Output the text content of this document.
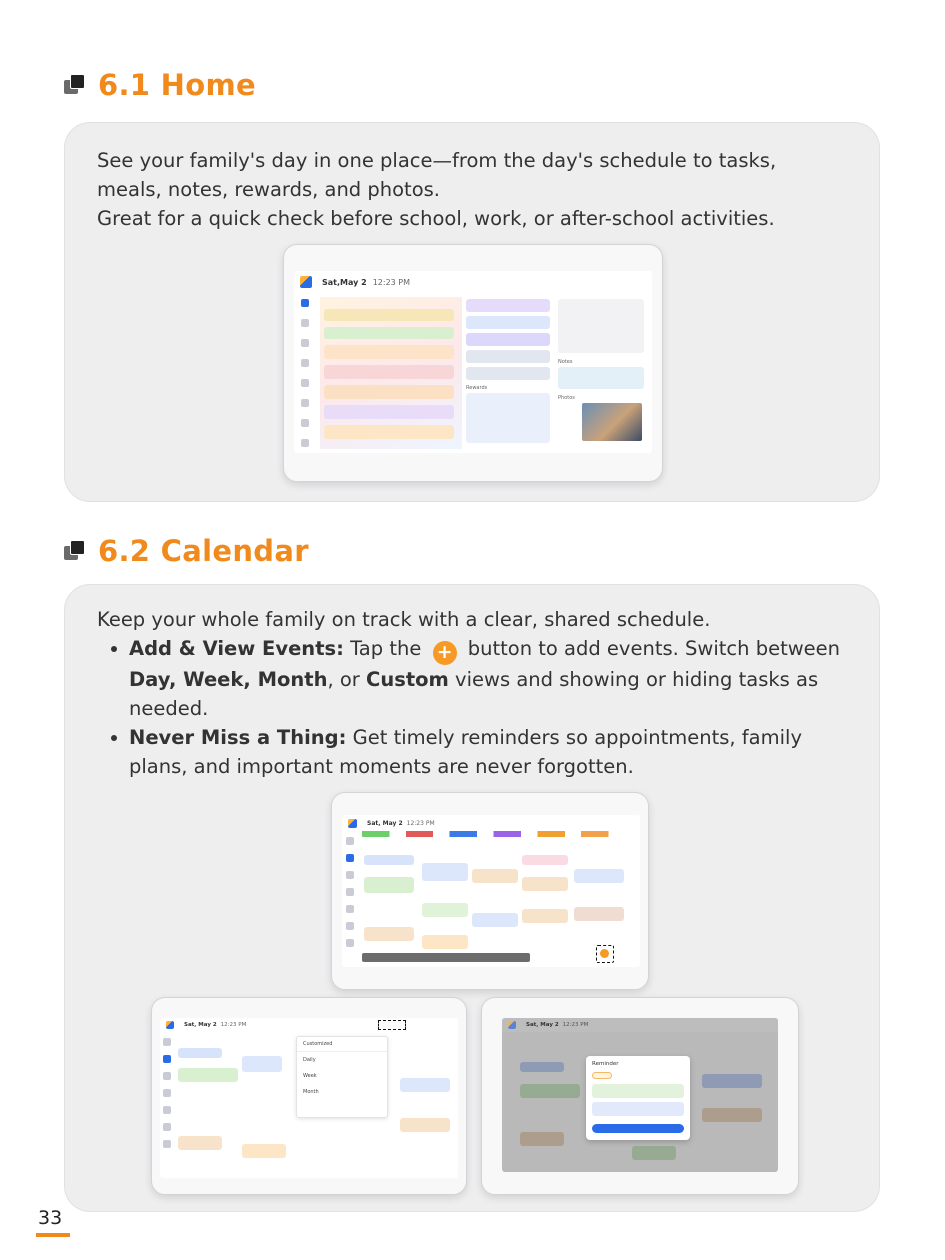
6.1 Home

See your family's day in one place—from the day's schedule to tasks,

meals, notes, rewards, and photos.

Great for a quick check before school, work, or after-school activities.

Sat,May 2 12:23 PM
Rewards
Notes
Photos
6.2 Calendar

Keep your whole family on track with a clear, shared schedule.

Add & View Events: Tap the + button to add events. Switch between
Day, Week, Month, or Custom views and showing or hiding tasks as
needed.
Never Miss a Thing: Get timely reminders so appointments, family
plans, and important moments are never forgotten.
Sat, May 2 12:23 PM
Sat, May 2 12:23 PM
Customized
Daily
Week
Month
Sat, May 2 12:23 PM
Reminder
33
